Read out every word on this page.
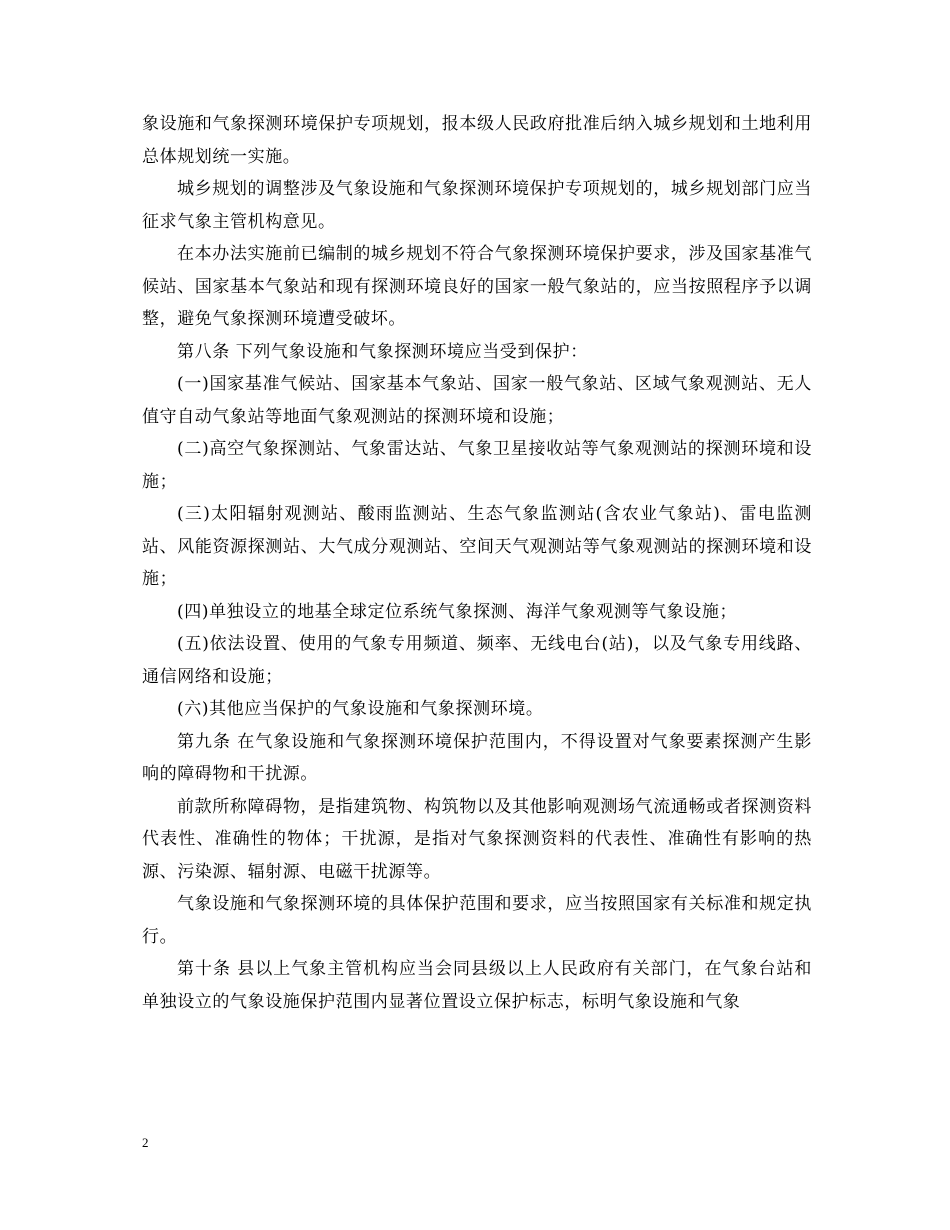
象设施和气象探测环境保护专项规划，报本级人民政府批准后纳入城乡规划和土地利用总体规划统一实施。

城乡规划的调整涉及气象设施和气象探测环境保护专项规划的，城乡规划部门应当征求气象主管机构意见。

在本办法实施前已编制的城乡规划不符合气象探测环境保护要求，涉及国家基准气候站、国家基本气象站和现有探测环境良好的国家一般气象站的，应当按照程序予以调整，避免气象探测环境遭受破坏。

第八条 下列气象设施和气象探测环境应当受到保护：

(一)国家基准气候站、国家基本气象站、国家一般气象站、区域气象观测站、无人值守自动气象站等地面气象观测站的探测环境和设施；

(二)高空气象探测站、气象雷达站、气象卫星接收站等气象观测站的探测环境和设施；

(三)太阳辐射观测站、酸雨监测站、生态气象监测站(含农业气象站)、雷电监测站、风能资源探测站、大气成分观测站、空间天气观测站等气象观测站的探测环境和设施；

(四)单独设立的地基全球定位系统气象探测、海洋气象观测等气象设施；

(五)依法设置、使用的气象专用频道、频率、无线电台(站)，以及气象专用线路、通信网络和设施；

(六)其他应当保护的气象设施和气象探测环境。

第九条 在气象设施和气象探测环境保护范围内，不得设置对气象要素探测产生影响的障碍物和干扰源。

前款所称障碍物，是指建筑物、构筑物以及其他影响观测场气流通畅或者探测资料代表性、准确性的物体；干扰源，是指对气象探测资料的代表性、准确性有影响的热源、污染源、辐射源、电磁干扰源等。

气象设施和气象探测环境的具体保护范围和要求，应当按照国家有关标准和规定执行。

第十条 县以上气象主管机构应当会同县级以上人民政府有关部门，在气象台站和单独设立的气象设施保护范围内显著位置设立保护标志，标明气象设施和气象

2
